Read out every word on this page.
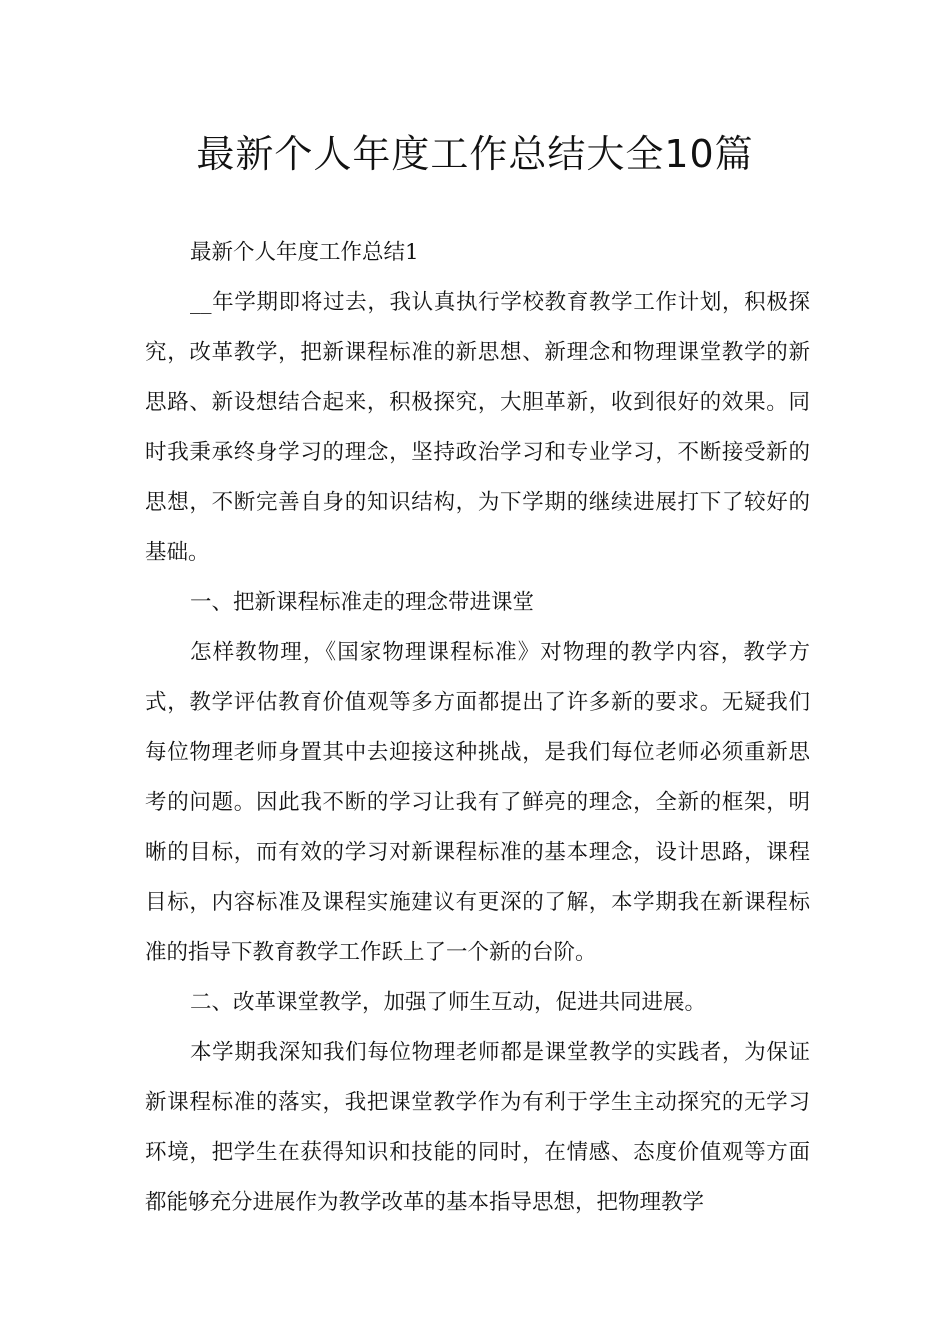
最新个人年度工作总结大全10篇

最新个人年度工作总结1

__年学期即将过去，我认真执行学校教育教学工作计划，积极探究，改革教学，把新课程标准的新思想、新理念和物理课堂教学的新思路、新设想结合起来，积极探究，大胆革新，收到很好的效果。同时我秉承终身学习的理念，坚持政治学习和专业学习，不断接受新的思想，不断完善自身的知识结构，为下学期的继续进展打下了较好的基础。

一、把新课程标准走的理念带进课堂

怎样教物理，《国家物理课程标准》对物理的教学内容，教学方式，教学评估教育价值观等多方面都提出了许多新的要求。无疑我们每位物理老师身置其中去迎接这种挑战，是我们每位老师必须重新思考的问题。因此我不断的学习让我有了鲜亮的理念，全新的框架，明晰的目标，而有效的学习对新课程标准的基本理念，设计思路，课程目标，内容标准及课程实施建议有更深的了解，本学期我在新课程标准的指导下教育教学工作跃上了一个新的台阶。

二、改革课堂教学，加强了师生互动，促进共同进展。

本学期我深知我们每位物理老师都是课堂教学的实践者，为保证新课程标准的落实，我把课堂教学作为有利于学生主动探究的无学习环境，把学生在获得知识和技能的同时，在情感、态度价值观等方面都能够充分进展作为教学改革的基本指导思想，把物理教学
